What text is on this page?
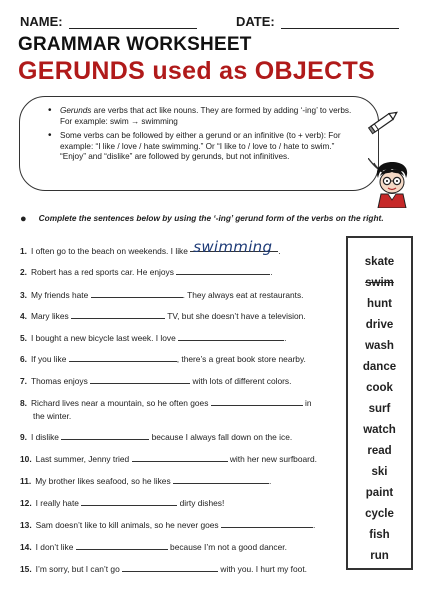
NAME:	DATE:
GRAMMAR WORKSHEET
GERUNDS used as OBJECTS
• Gerunds are verbs that act like nouns. They are formed by adding ‘-ing’ to verbs. For example: swim → swimming
• Some verbs can be followed by either a gerund or an infinitive (to + verb): For example: “I like / love / hate swimming.” Or “I like to / love to / hate to swim.” “Enjoy” and “dislike” are followed by gerunds, but not infinitives.
● Complete the sentences below by using the ‘-ing’ gerund form of the verbs on the right.
1. I often go to the beach on weekends. I like swimming .
2. Robert has a red sports car. He enjoys	.
3. My friends hate	. They always eat at restaurants.
4. Mary likes	TV, but she doesn’t have a television.
5. I bought a new bicycle last week. I love	.
6. If you like	, there’s a great book store nearby.
7. Thomas enjoys	with lots of different colors.
8. Richard lives near a mountain, so he often goes	in
the winter.
9. I dislike	because I always fall down on the ice.
10. Last summer, Jenny tried	with her new surfboard.
11. My brother likes seafood, so he likes	.
12. I really hate	dirty dishes!
13. Sam doesn’t like to kill animals, so he never goes	.
14. I don’t like	because I’m not a good dancer.
15. I’m sorry, but I can’t go	with you. I hurt my foot.
skate
swim
hunt
drive
wash
dance
cook
surf
watch
read
ski
paint
cycle
fish
run
